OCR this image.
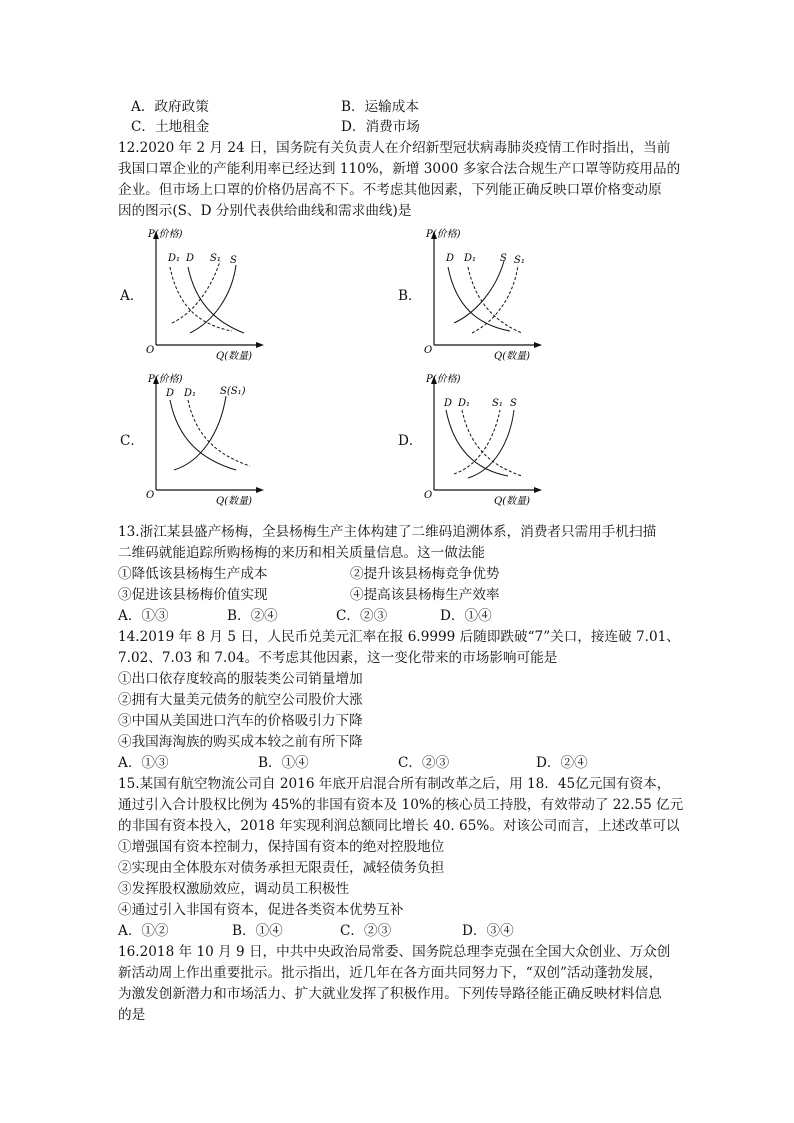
A．政府政策	B．运输成本
C．土地租金	D．消费市场
12.2020 年 2 月 24 日，国务院有关负责人在介绍新型冠状病毒肺炎疫情工作时指出，当前
我国口罩企业的产能利用率已经达到 110%，新增 3000 多家合法合规生产口罩等防疫用品的
企业。但市场上口罩的价格仍居高不下。不考虑其他因素，下列能正确反映口罩价格变动原
因的图示(S、D 分别代表供给曲线和需求曲线)是
A．
P(价格)
O
Q(数量)
D₁ D S₁ S
B．
P(价格)
O
Q(数量)
D D₁ S S₁
C．
P(价格)
O
Q(数量)
D D₁ S(S₁)
D．
P(价格)
O
Q(数量)
D D₁ S₁ S
13.浙江某县盛产杨梅，全县杨梅生产主体构建了二维码追溯体系，消费者只需用手机扫描
二维码就能追踪所购杨梅的来历和相关质量信息。这一做法能
①降低该县杨梅生产成本	②提升该县杨梅竞争优势
③促进该县杨梅价值实现	④提高该县杨梅生产效率
A．①③	B．②④	C．②③	D．①④
14.2019 年 8 月 5 日，人民币兑美元汇率在报 6.9999 后随即跌破“7”关口，接连破 7.01、
7.02、7.03 和 7.04。不考虑其他因素，这一变化带来的市场影响可能是
①出口依存度较高的服装类公司销量增加
②拥有大量美元债务的航空公司股价大涨
③中国从美国进口汽车的价格吸引力下降
④我国海淘族的购买成本较之前有所下降
A．①③	B．①④	C．②③	D．②④
15.某国有航空物流公司自 2016 年底开启混合所有制改革之后，用 18．45亿元国有资本，
通过引入合计股权比例为 45%的非国有资本及 10%的核心员工持股，有效带动了 22.55 亿元
的非国有资本投入，2018 年实现利润总额同比增长 40. 65%。对该公司而言，上述改革可以
①增强国有资本控制力，保持国有资本的绝对控股地位
②实现由全体股东对债务承担无限责任，减轻债务负担
③发挥股权激励效应，调动员工积极性
④通过引入非国有资本，促进各类资本优势互补
A．①②	B．①④	C．②③	D．③④
16.2018 年 10 月 9 日，中共中央政治局常委、国务院总理李克强在全国大众创业、万众创
新活动周上作出重要批示。批示指出，近几年在各方面共同努力下，“双创”活动蓬勃发展，
为激发创新潜力和市场活力、扩大就业发挥了积极作用。下列传导路径能正确反映材料信息
的是
